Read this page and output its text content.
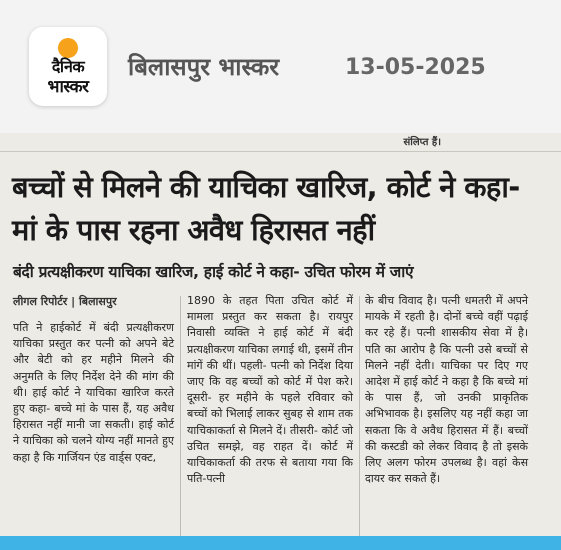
दैनिक
भास्कर
बिलासपुर भास्कर	13-05-2025
संलिप्त हैं।
बच्चों से मिलने की याचिका खारिज, कोर्ट ने कहा- मां के पास रहना अवैध हिरासत नहीं
बंदी प्रत्यक्षीकरण याचिका खारिज, हाई कोर्ट ने कहा- उचित फोरम में जाएं
लीगल रिपोर्टर | बिलासपुर

पति ने हाईकोर्ट में बंदी प्रत्यक्षीकरण याचिका प्रस्तुत कर पत्नी को अपने बेटे और बेटी को हर महीने मिलने की अनुमति के लिए निर्देश देने की मांग की थी। हाई कोर्ट ने याचिका खारिज करते हुए कहा- बच्चे मां के पास हैं, यह अवैध हिरासत नहीं मानी जा सकती। हाई कोर्ट ने याचिका को चलने योग्य नहीं मानते हुए कहा है कि गार्जियन एंड वार्ड्स एक्ट,

1890 के तहत पिता उचित कोर्ट में मामला प्रस्तुत कर सकता है। रायपुर निवासी व्यक्ति ने हाई कोर्ट में बंदी प्रत्यक्षीकरण याचिका लगाई थी, इसमें तीन मांगें की थीं। पहली- पत्नी को निर्देश दिया जाए कि वह बच्चों को कोर्ट में पेश करे। दूसरी- हर महीने के पहले रविवार को बच्चों को भिलाई लाकर सुबह से शाम तक याचिकाकर्ता से मिलने दें। तीसरी- कोर्ट जो उचित समझे, वह राहत दें। कोर्ट में याचिकाकर्ता की तरफ से बताया गया कि पति-पत्नी

के बीच विवाद है। पत्नी धमतरी में अपने मायके में रहती है। दोनों बच्चे वहीं पढ़ाई कर रहे हैं। पत्नी शासकीय सेवा में है। पति का आरोप है कि पत्नी उसे बच्चों से मिलने नहीं देती। याचिका पर दिए गए आदेश में हाई कोर्ट ने कहा है कि बच्चे मां के पास हैं, जो उनकी प्राकृतिक अभिभावक है। इसलिए यह नहीं कहा जा सकता कि वे अवैध हिरासत में हैं। बच्चों की कस्टडी को लेकर विवाद है तो इसके लिए अलग फोरम उपलब्ध है। वहां केस दायर कर सकते हैं।
